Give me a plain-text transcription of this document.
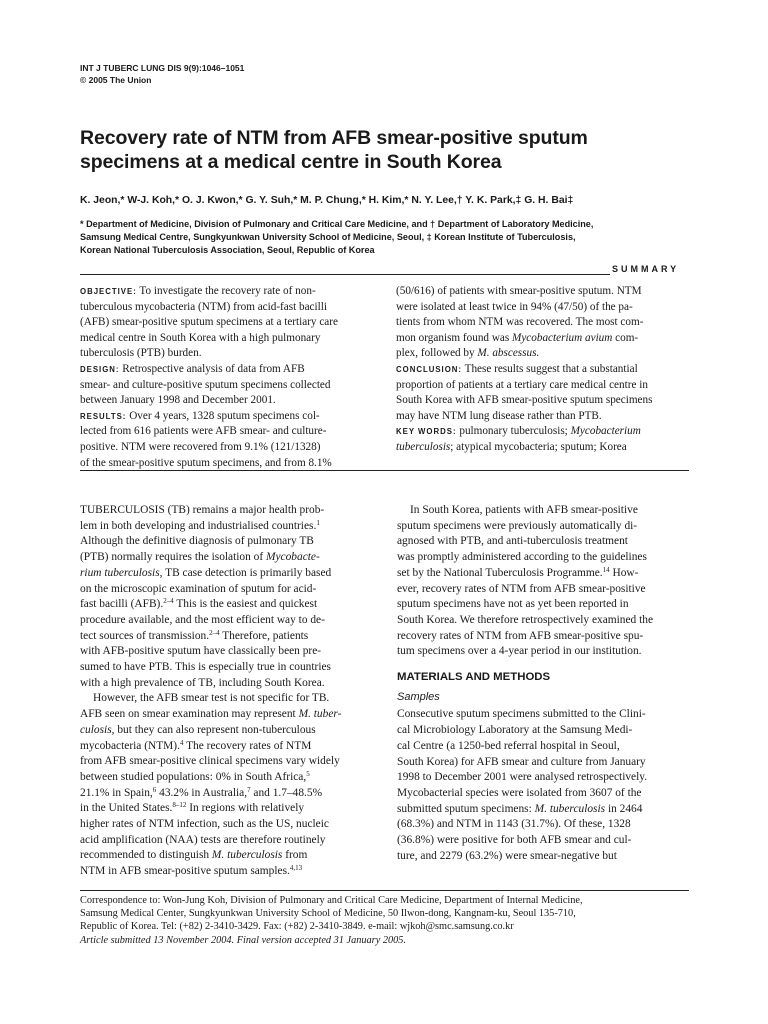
INT J TUBERC LUNG DIS 9(9):1046–1051
© 2005 The Union
Recovery rate of NTM from AFB smear-positive sputum
specimens at a medical centre in South Korea
K. Jeon,* W-J. Koh,* O. J. Kwon,* G. Y. Suh,* M. P. Chung,* H. Kim,* N. Y. Lee,† Y. K. Park,‡ G. H. Bai‡
* Department of Medicine, Division of Pulmonary and Critical Care Medicine, and † Department of Laboratory Medicine,
Samsung Medical Centre, Sungkyunkwan University School of Medicine, Seoul, ‡ Korean Institute of Tuberculosis,
Korean National Tuberculosis Association, Seoul, Republic of Korea
SUMMARY
OBJECTIVE: To investigate the recovery rate of non-
tuberculous mycobacteria (NTM) from acid-fast bacilli
(AFB) smear-positive sputum specimens at a tertiary care
medical centre in South Korea with a high pulmonary
tuberculosis (PTB) burden.
DESIGN: Retrospective analysis of data from AFB
smear- and culture-positive sputum specimens collected
between January 1998 and December 2001.
RESULTS: Over 4 years, 1328 sputum specimens col-
lected from 616 patients were AFB smear- and culture-
positive. NTM were recovered from 9.1% (121/1328)
of the smear-positive sputum specimens, and from 8.1%
(50/616) of patients with smear-positive sputum. NTM
were isolated at least twice in 94% (47/50) of the pa-
tients from whom NTM was recovered. The most com-
mon organism found was Mycobacterium avium com-
plex, followed by M. abscessus.
CONCLUSION: These results suggest that a substantial
proportion of patients at a tertiary care medical centre in
South Korea with AFB smear-positive sputum specimens
may have NTM lung disease rather than PTB.
KEY WORDS: pulmonary tuberculosis; Mycobacterium
tuberculosis; atypical mycobacteria; sputum; Korea
TUBERCULOSIS (TB) remains a major health prob-
lem in both developing and industrialised countries.$^1$
Although the definitive diagnosis of pulmonary TB
(PTB) normally requires the isolation of Mycobacte-
rium tuberculosis, TB case detection is primarily based
on the microscopic examination of sputum for acid-
fast bacilli (AFB).$^{2-4}$ This is the easiest and quickest
procedure available, and the most efficient way to de-
tect sources of transmission.$^{2-4}$ Therefore, patients
with AFB-positive sputum have classically been pre-
sumed to have PTB. This is especially true in countries
with a high prevalence of TB, including South Korea.
However, the AFB smear test is not specific for TB.
AFB seen on smear examination may represent M. tuber-
culosis, but they can also represent non-tuberculous
mycobacteria (NTM).$^4$ The recovery rates of NTM
from AFB smear-positive clinical specimens vary widely
between studied populations: 0% in South Africa,$^5$
21.1% in Spain,$^6$ 43.2% in Australia,$^7$ and 1.7–48.5%
in the United States.$^{8-12}$ In regions with relatively
higher rates of NTM infection, such as the US, nucleic
acid amplification (NAA) tests are therefore routinely
recommended to distinguish M. tuberculosis from
NTM in AFB smear-positive sputum samples.$^{4,13}$
In South Korea, patients with AFB smear-positive
sputum specimens were previously automatically di-
agnosed with PTB, and anti-tuberculosis treatment
was promptly administered according to the guidelines
set by the National Tuberculosis Programme.$^{14}$ How-
ever, recovery rates of NTM from AFB smear-positive
sputum specimens have not as yet been reported in
South Korea. We therefore retrospectively examined the
recovery rates of NTM from AFB smear-positive spu-
tum specimens over a 4-year period in our institution.
MATERIALS AND METHODS
Samples
Consecutive sputum specimens submitted to the Clini-
cal Microbiology Laboratory at the Samsung Medi-
cal Centre (a 1250-bed referral hospital in Seoul,
South Korea) for AFB smear and culture from January
1998 to December 2001 were analysed retrospectively.
Mycobacterial species were isolated from 3607 of the
submitted sputum specimens: M. tuberculosis in 2464
(68.3%) and NTM in 1143 (31.7%). Of these, 1328
(36.8%) were positive for both AFB smear and cul-
ture, and 2279 (63.2%) were smear-negative but
Correspondence to: Won-Jung Koh, Division of Pulmonary and Critical Care Medicine, Department of Internal Medicine,
Samsung Medical Center, Sungkyunkwan University School of Medicine, 50 Ilwon-dong, Kangnam-ku, Seoul 135-710,
Republic of Korea. Tel: (+82) 2-3410-3429. Fax: (+82) 2-3410-3849. e-mail: wjkoh@smc.samsung.co.kr
Article submitted 13 November 2004. Final version accepted 31 January 2005.
